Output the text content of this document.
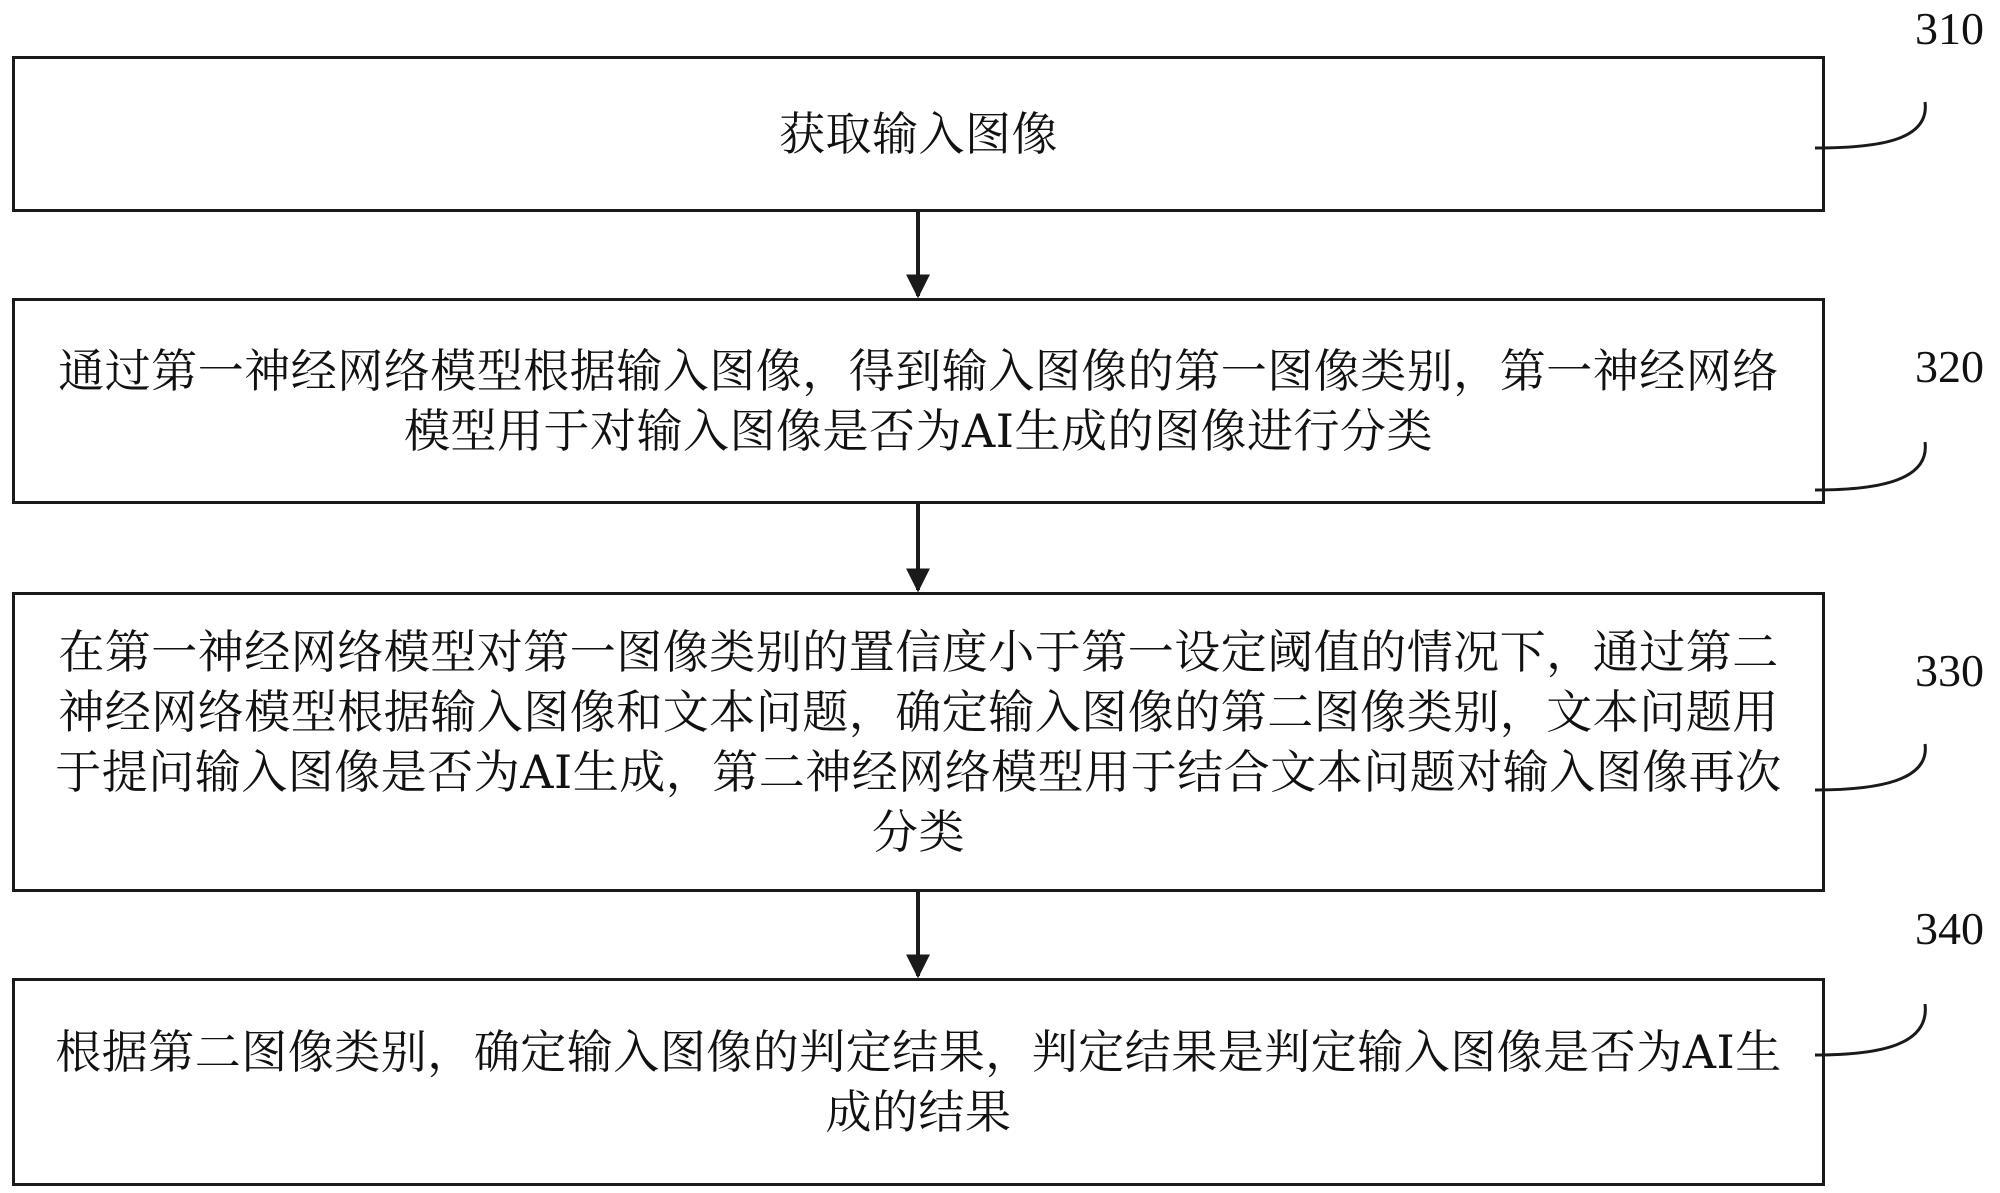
获取输入图像
通过第一神经网络模型根据输入图像，得到输入图像的第一图像类别，第一神经网络模型用于对输入图像是否为AI生成的图像进行分类
在第一神经网络模型对第一图像类别的置信度小于第一设定阈值的情况下，通过第二神经网络模型根据输入图像和文本问题，确定输入图像的第二图像类别，文本问题用于提问输入图像是否为AI生成，第二神经网络模型用于结合文本问题对输入图像再次分类
根据第二图像类别，确定输入图像的判定结果，判定结果是判定输入图像是否为AI生成的结果
310
320
330
340
